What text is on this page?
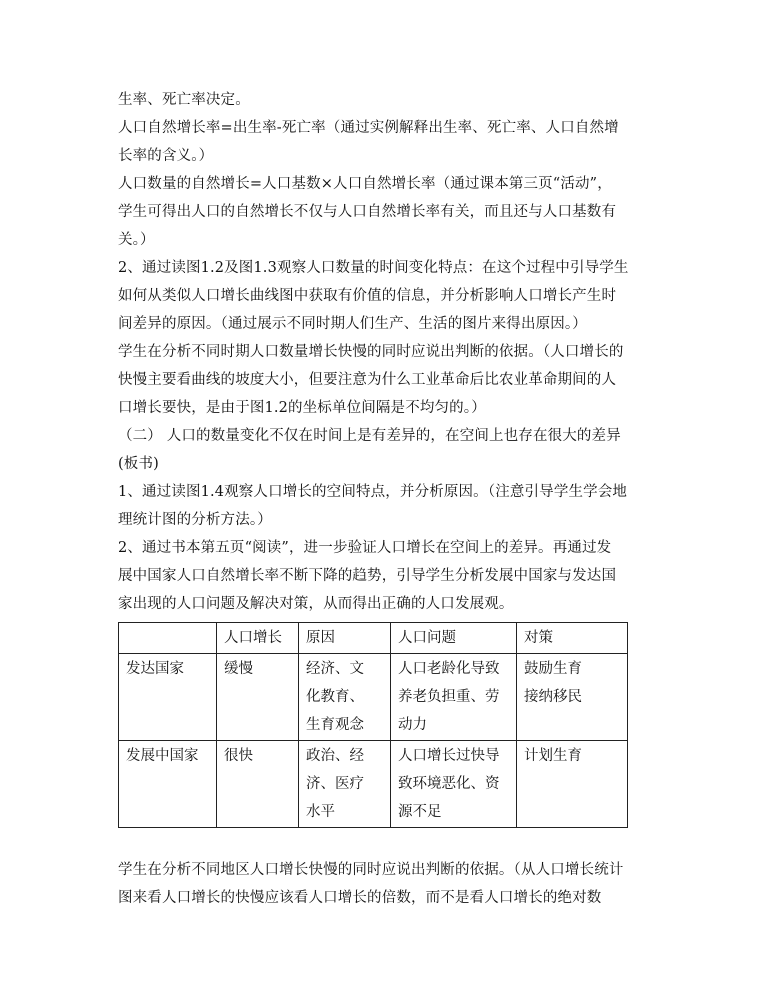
生率、死亡率决定。
人口自然增长率=出生率-死亡率（通过实例解释出生率、死亡率、人口自然增
长率的含义。）
人口数量的自然增长=人口基数×人口自然增长率（通过课本第三页“活动”，
学生可得出人口的自然增长不仅与人口自然增长率有关，而且还与人口基数有
关。）
2、通过读图1.2及图1.3观察人口数量的时间变化特点：在这个过程中引导学生
如何从类似人口增长曲线图中获取有价值的信息，并分析影响人口增长产生时
间差异的原因。（通过展示不同时期人们生产、生活的图片来得出原因。）
学生在分析不同时期人口数量增长快慢的同时应说出判断的依据。（人口增长的
快慢主要看曲线的坡度大小，但要注意为什么工业革命后比农业革命期间的人
口增长要快，是由于图1.2的坐标单位间隔是不均匀的。）
（二） 人口的数量变化不仅在时间上是有差异的，在空间上也存在很大的差异
(板书)
1、通过读图1.4观察人口增长的空间特点，并分析原因。（注意引导学生学会地
理统计图的分析方法。）
2、通过书本第五页“阅读”，进一步验证人口增长在空间上的差异。再通过发
展中国家人口自然增长率不断下降的趋势，引导学生分析发展中国家与发达国
家出现的人口问题及解决对策，从而得出正确的人口发展观。
	人口增长	原因	人口问题	对策
发达国家	缓慢	经济、文
化教育、
生育观念	人口老龄化导致
养老负担重、劳
动力	鼓励生育
接纳移民

发展中国家	很快	政治、经
济、医疗
水平	人口增长过快导
致环境恶化、资
源不足	计划生育
学生在分析不同地区人口增长快慢的同时应说出判断的依据。（从人口增长统计
图来看人口增长的快慢应该看人口增长的倍数，而不是看人口增长的绝对数
